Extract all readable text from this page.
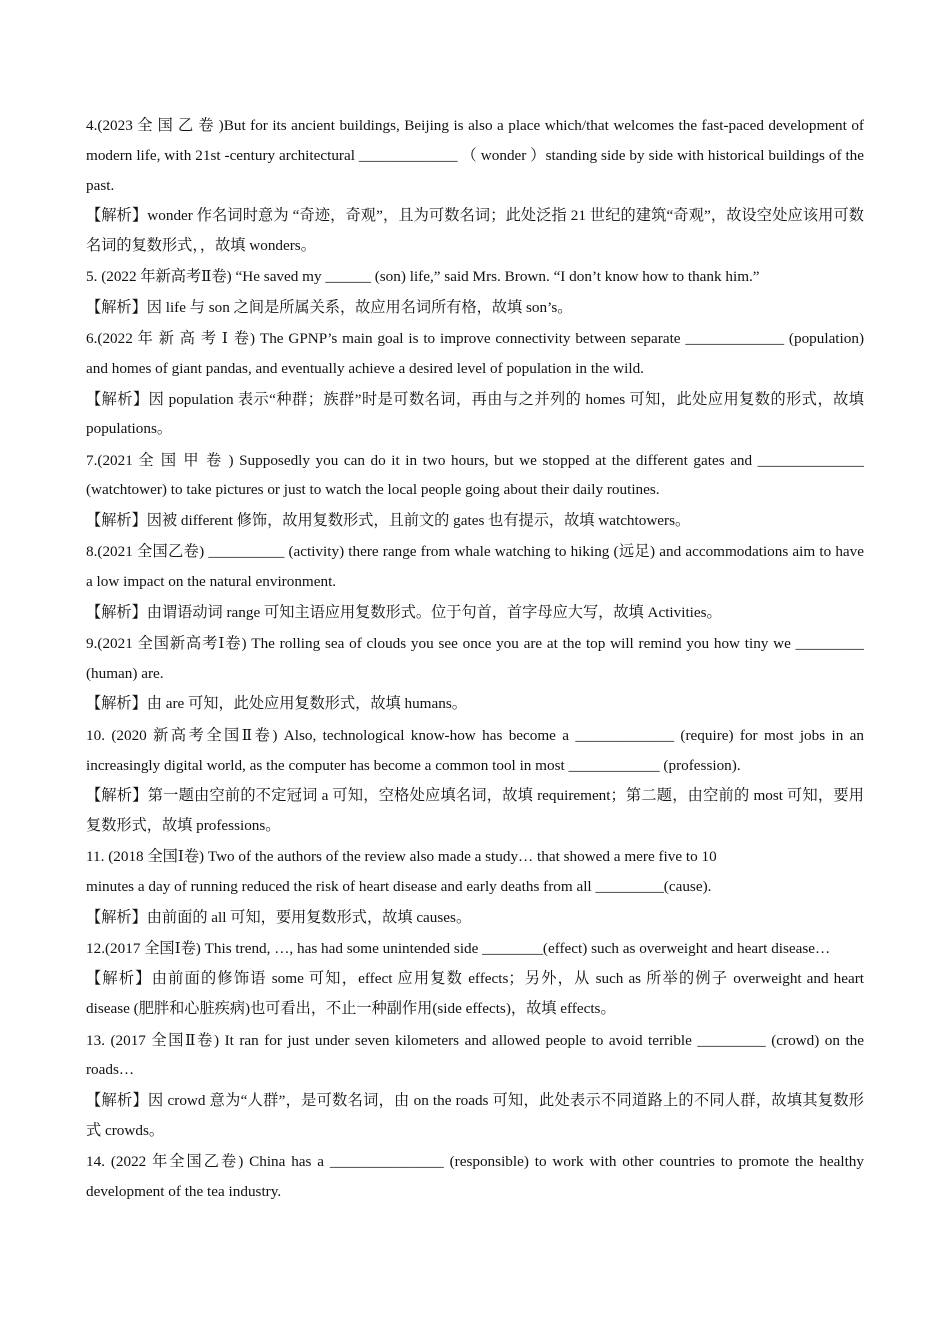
4.(2023 全 国 乙 卷 )But for its ancient buildings, Beijing is also a place which/that welcomes the fast-paced development of modern life, with 21st -century architectural _____________ （ wonder ）standing side by side with historical buildings of the past.

【解析】wonder 作名词时意为 “奇迹，奇观”，且为可数名词；此处泛指 21 世纪的建筑“奇观”，故设空处应该用可数名词的复数形式，，故填 wonders。

5. (2022 年新高考Ⅱ卷) “He saved my ______ (son) life,” said Mrs. Brown. “I don’t know how to thank him.”

【解析】因 life 与 son 之间是所属关系，故应用名词所有格，故填 son’s。

6.(2022 年 新 高 考 Ⅰ 卷) The GPNP’s main goal is to improve connectivity between separate _____________ (population) and homes of giant pandas, and eventually achieve a desired level of population in the wild.

【解析】因 population 表示“种群；族群”时是可数名词，再由与之并列的 homes 可知，此处应用复数的形式，故填 populations。

7.(2021 全 国 甲 卷 ) Supposedly you can do it in two hours, but we stopped at the different gates and ______________ (watchtower) to take pictures or just to watch the local people going about their daily routines.

【解析】因被 different 修饰，故用复数形式，且前文的 gates 也有提示，故填 watchtowers。

8.(2021 全国乙卷) __________ (activity) there range from whale watching to hiking (远足) and accommodations aim to have a low impact on the natural environment.

【解析】由谓语动词 range 可知主语应用复数形式。位于句首，首字母应大写，故填 Activities。

9.(2021 全国新高考Ⅰ卷) The rolling sea of clouds you see once you are at the top will remind you how tiny we _________ (human) are.

【解析】由 are 可知，此处应用复数形式，故填 humans。

10. (2020 新高考全国Ⅱ卷) Also, technological know-how has become a _____________ (require) for most jobs in an increasingly digital world, as the computer has become a common tool in most ____________ (profession).

【解析】第一题由空前的不定冠词 a 可知，空格处应填名词，故填 requirement；第二题，由空前的 most 可知，要用复数形式，故填 professions。

11. (2018 全国Ⅰ卷) Two of the authors of the review also made a study… that showed a mere five to 10
minutes a day of running reduced the risk of heart disease and early deaths from all _________(cause).

【解析】由前面的 all 可知，要用复数形式，故填 causes。

12.(2017 全国Ⅰ卷) This trend, …, has had some unintended side ________(effect) such as overweight and heart disease…

【解析】由前面的修饰语 some 可知，effect 应用复数 effects；另外，从 such as 所举的例子 overweight and heart disease (肥胖和心脏疾病)也可看出，不止一种副作用(side effects)，故填 effects。

13. (2017 全国Ⅱ卷) It ran for just under seven kilometers and allowed people to avoid terrible _________ (crowd) on the roads…

【解析】因 crowd 意为“人群”，是可数名词，由 on the roads 可知，此处表示不同道路上的不同人群，故填其复数形式 crowds。

14. (2022 年全国乙卷) China has a _______________ (responsible) to work with other countries to promote the healthy development of the tea industry.
